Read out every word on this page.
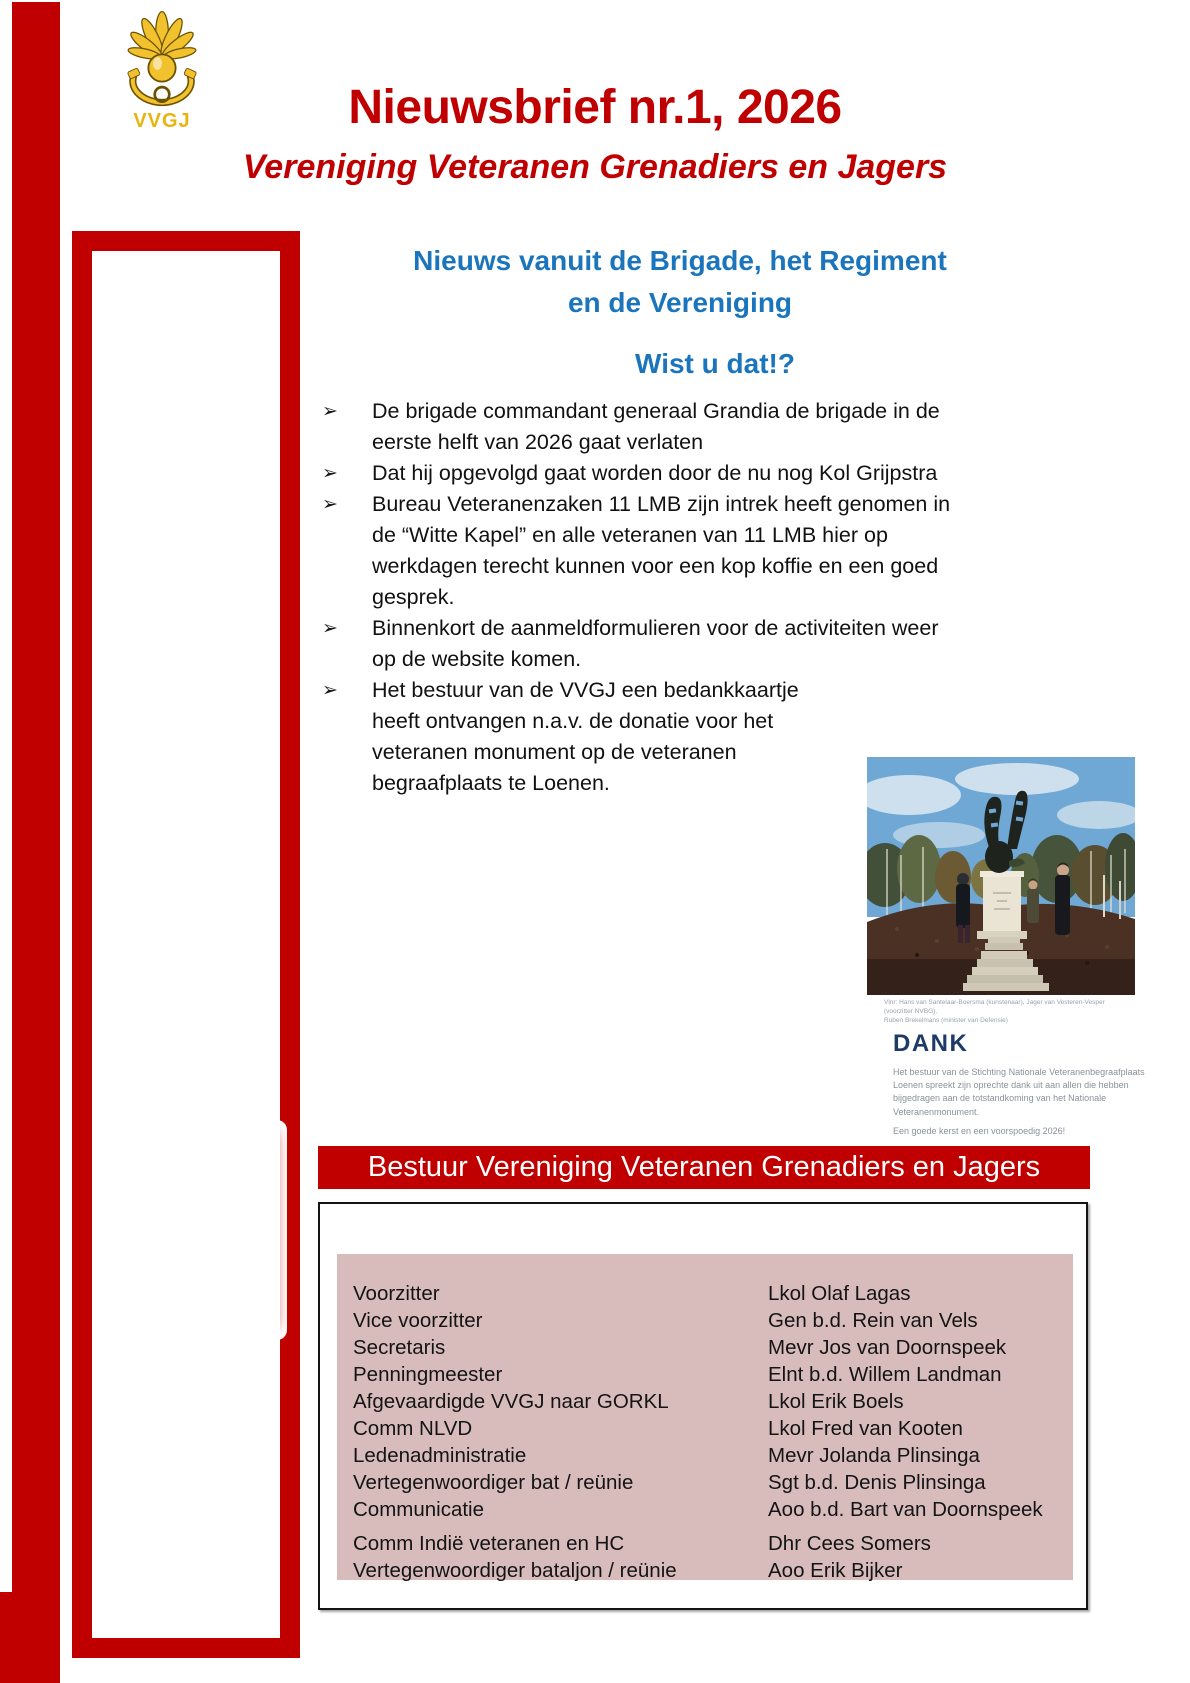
VVGJ	Nieuwsbrief nr.1, 2026
Vereniging Veteranen Grenadiers en Jagers
Nieuws vanuit de Brigade, het Regiment
en de Vereniging
Wist u dat!?
➢	De brigade commandant generaal Grandia de brigade in de eerste helft van 2026 gaat verlaten
➢	Dat hij opgevolgd gaat worden door de nu nog Kol Grijpstra
➢	Bureau Veteranenzaken 11 LMB zijn intrek heeft genomen in de “Witte Kapel” en alle veteranen van 11 LMB hier op werkdagen terecht kunnen voor een kop koffie en een goed gesprek.
➢	Binnenkort de aanmeldformulieren voor de activiteiten weer op de website komen.
➢	Het bestuur van de VVGJ een bedankkaartje heeft ontvangen n.a.v. de donatie voor het veteranen monument op de veteranen begraafplaats te Loenen.
VETERANEN
voor
VREDE
en
VRIJHEID
Vlnr: Hans van Santelaar-Boersma (kunstenaar), Jager van Vesteren-Vesper (voorzitter NVBG),
Ruben Brekelmans (minister van Defensie)
DANK
Het bestuur van de Stichting Nationale Veteranenbegraafplaats
Loenen spreekt zijn oprechte dank uit aan allen die hebben
bijgedragen aan de totstandkoming van het Nationale
Veteranenmonument.
Een goede kerst en een voorspoedig 2026!
Bestuur Vereniging Veteranen Grenadiers en Jagers
Voorzitter	Lkol Olaf Lagas
Vice voorzitter	Gen b.d. Rein van Vels
Secretaris	Mevr Jos van Doornspeek
Penningmeester	Elnt b.d. Willem Landman
Afgevaardigde VVGJ naar GORKL	Lkol Erik Boels
Comm NLVD	Lkol Fred van Kooten
Ledenadministratie	Mevr Jolanda Plinsinga
Vertegenwoordiger bat / reünie	Sgt b.d. Denis Plinsinga
Communicatie	Aoo b.d. Bart van Doornspeek
Comm Indië veteranen en HC	Dhr Cees Somers
Vertegenwoordiger bataljon / reünie	Aoo Erik Bijker
